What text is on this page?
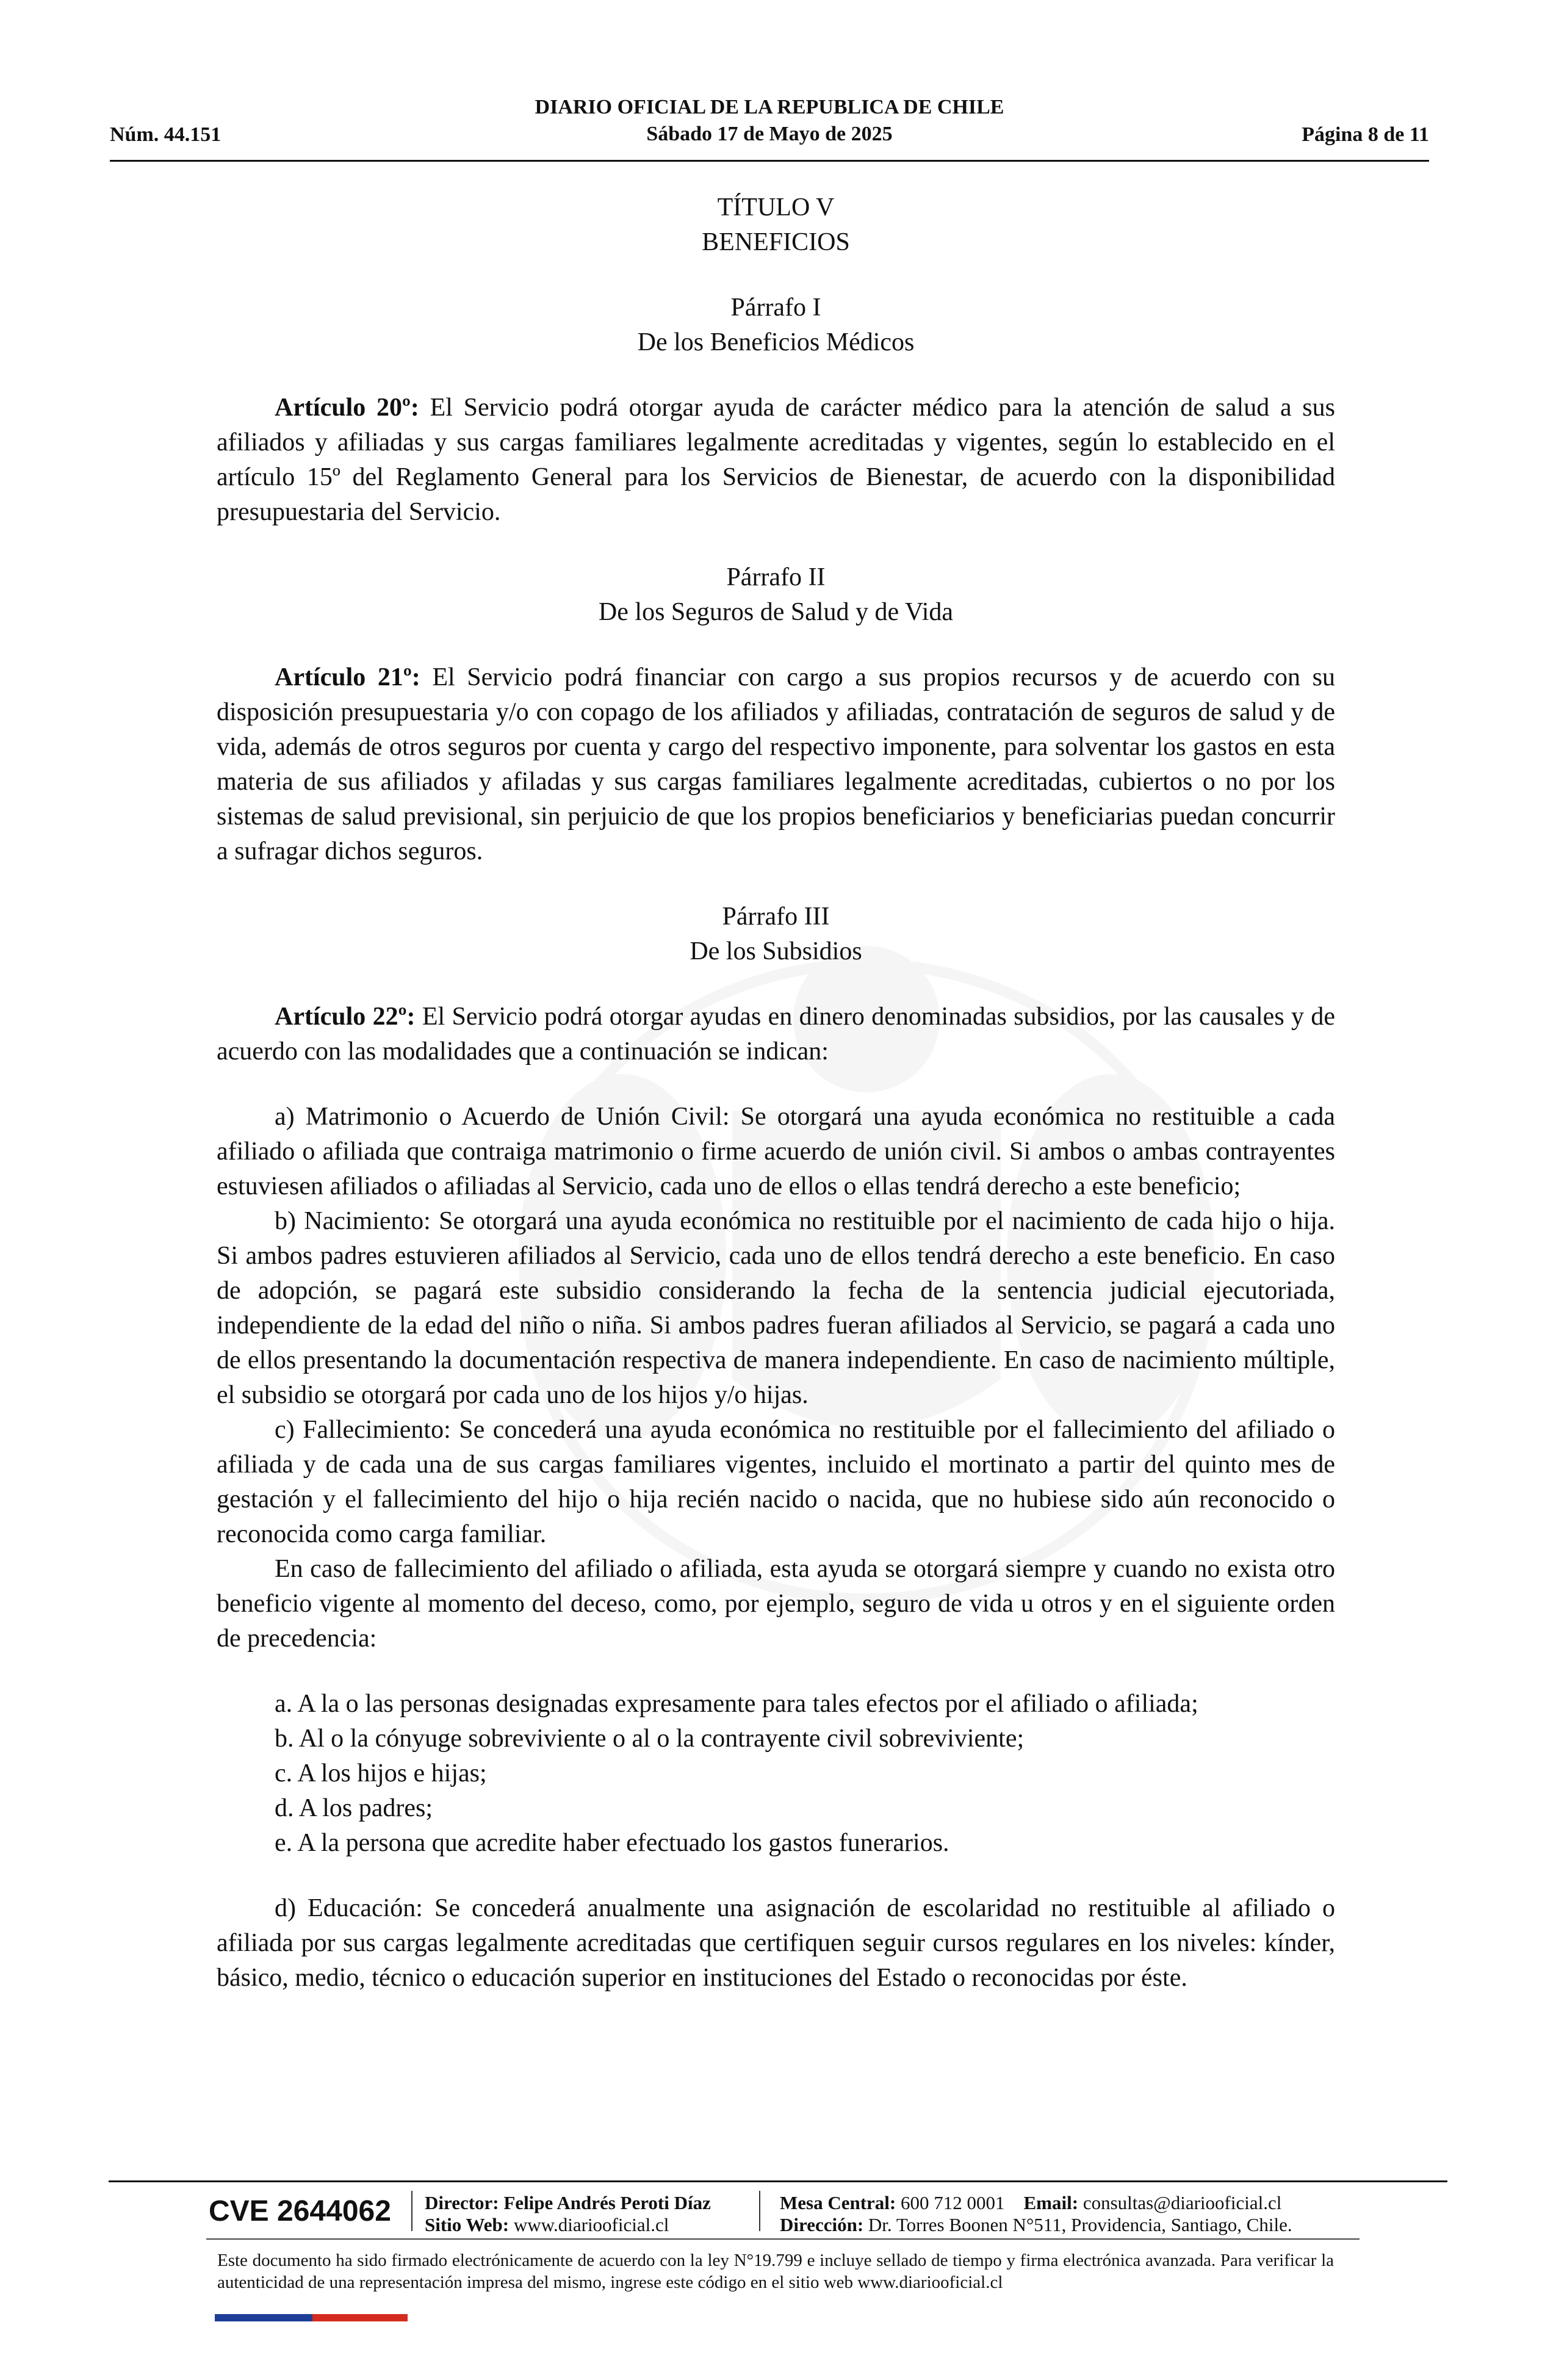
Núm. 44.151
DIARIO OFICIAL DE LA REPUBLICA DE CHILE
Sábado 17 de Mayo de 2025	Página 8 de 11
TÍTULO V
BENEFICIOS
Párrafo I
De los Beneficios Médicos

Artículo 20º: El Servicio podrá otorgar ayuda de carácter médico para la atención de salud a sus afiliados y afiliadas y sus cargas familiares legalmente acreditadas y vigentes, según lo establecido en el artículo 15º del Reglamento General para los Servicios de Bienestar, de acuerdo con la disponibilidad presupuestaria del Servicio.

Párrafo II
De los Seguros de Salud y de Vida

Artículo 21º: El Servicio podrá financiar con cargo a sus propios recursos y de acuerdo con su disposición presupuestaria y/o con copago de los afiliados y afiliadas, contratación de seguros de salud y de vida, además de otros seguros por cuenta y cargo del respectivo imponente, para solventar los gastos en esta materia de sus afiliados y afiladas y sus cargas familiares legalmente acreditadas, cubiertos o no por los sistemas de salud previsional, sin perjuicio de que los propios beneficiarios y beneficiarias puedan concurrir a sufragar dichos seguros.

Párrafo III
De los Subsidios

Artículo 22º: El Servicio podrá otorgar ayudas en dinero denominadas subsidios, por las causales y de acuerdo con las modalidades que a continuación se indican:

a) Matrimonio o Acuerdo de Unión Civil: Se otorgará una ayuda económica no restituible a cada afiliado o afiliada que contraiga matrimonio o firme acuerdo de unión civil. Si ambos o ambas contrayentes estuviesen afiliados o afiliadas al Servicio, cada uno de ellos o ellas tendrá derecho a este beneficio;

b) Nacimiento: Se otorgará una ayuda económica no restituible por el nacimiento de cada hijo o hija. Si ambos padres estuvieren afiliados al Servicio, cada uno de ellos tendrá derecho a este beneficio. En caso de adopción, se pagará este subsidio considerando la fecha de la sentencia judicial ejecutoriada, independiente de la edad del niño o niña. Si ambos padres fueran afiliados al Servicio, se pagará a cada uno de ellos presentando la documentación respectiva de manera independiente. En caso de nacimiento múltiple, el subsidio se otorgará por cada uno de los hijos y/o hijas.

c) Fallecimiento: Se concederá una ayuda económica no restituible por el fallecimiento del afiliado o afiliada y de cada una de sus cargas familiares vigentes, incluido el mortinato a partir del quinto mes de gestación y el fallecimiento del hijo o hija recién nacido o nacida, que no hubiese sido aún reconocido o reconocida como carga familiar.

En caso de fallecimiento del afiliado o afiliada, esta ayuda se otorgará siempre y cuando no exista otro beneficio vigente al momento del deceso, como, por ejemplo, seguro de vida u otros y en el siguiente orden de precedencia:

a. A la o las personas designadas expresamente para tales efectos por el afiliado o afiliada;
b. Al o la cónyuge sobreviviente o al o la contrayente civil sobreviviente;
c. A los hijos e hijas;
d. A los padres;
e. A la persona que acredite haber efectuado los gastos funerarios.

d) Educación: Se concederá anualmente una asignación de escolaridad no restituible al afiliado o afiliada por sus cargas legalmente acreditadas que certifiquen seguir cursos regulares en los niveles: kínder, básico, medio, técnico o educación superior en instituciones del Estado o reconocidas por éste.

CVE 2644062 Director: Felipe Andrés Peroti Díaz
Sitio Web: www.diariooficial.cl
Mesa Central: 600 712 0001 Email: consultas@diariooficial.cl
Dirección: Dr. Torres Boonen N°511, Providencia, Santiago, Chile.
Este documento ha sido firmado electrónicamente de acuerdo con la ley N°19.799 e incluye sellado de tiempo y firma electrónica avanzada. Para verificar la autenticidad de una representación impresa del mismo, ingrese este código en el sitio web www.diariooficial.cl
